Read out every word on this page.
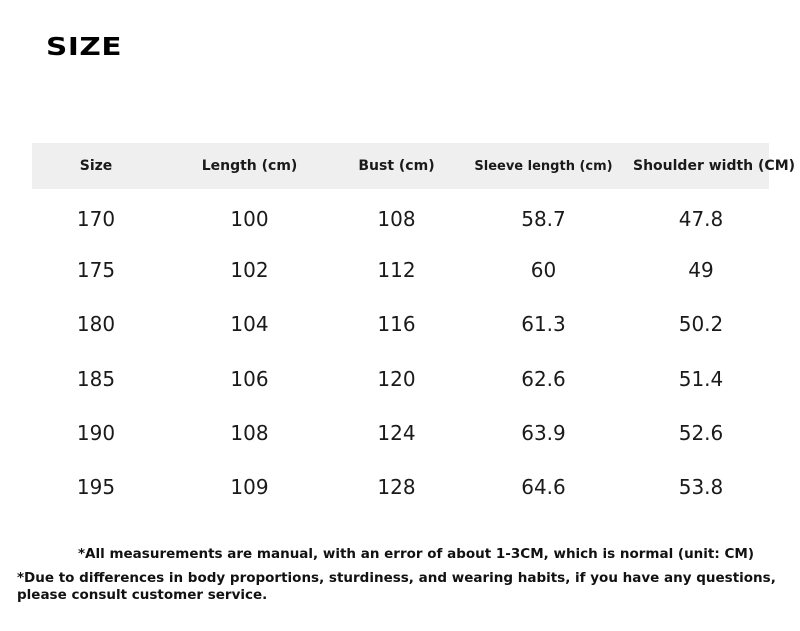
SIZE
Size	Length (cm)	Bust (cm)	Sleeve length (cm)	Shoulder width (CM)
170	100	108	58.7	47.8
175	102	112	60	49
180	104	116	61.3	50.2
185	106	120	62.6	51.4
190	108	124	63.9	52.6
195	109	128	64.6	53.8
*All measurements are manual, with an error of about 1-3CM, which is normal (unit: CM)
*Due to differences in body proportions, sturdiness, and wearing habits, if you have any questions, please consult customer service.
